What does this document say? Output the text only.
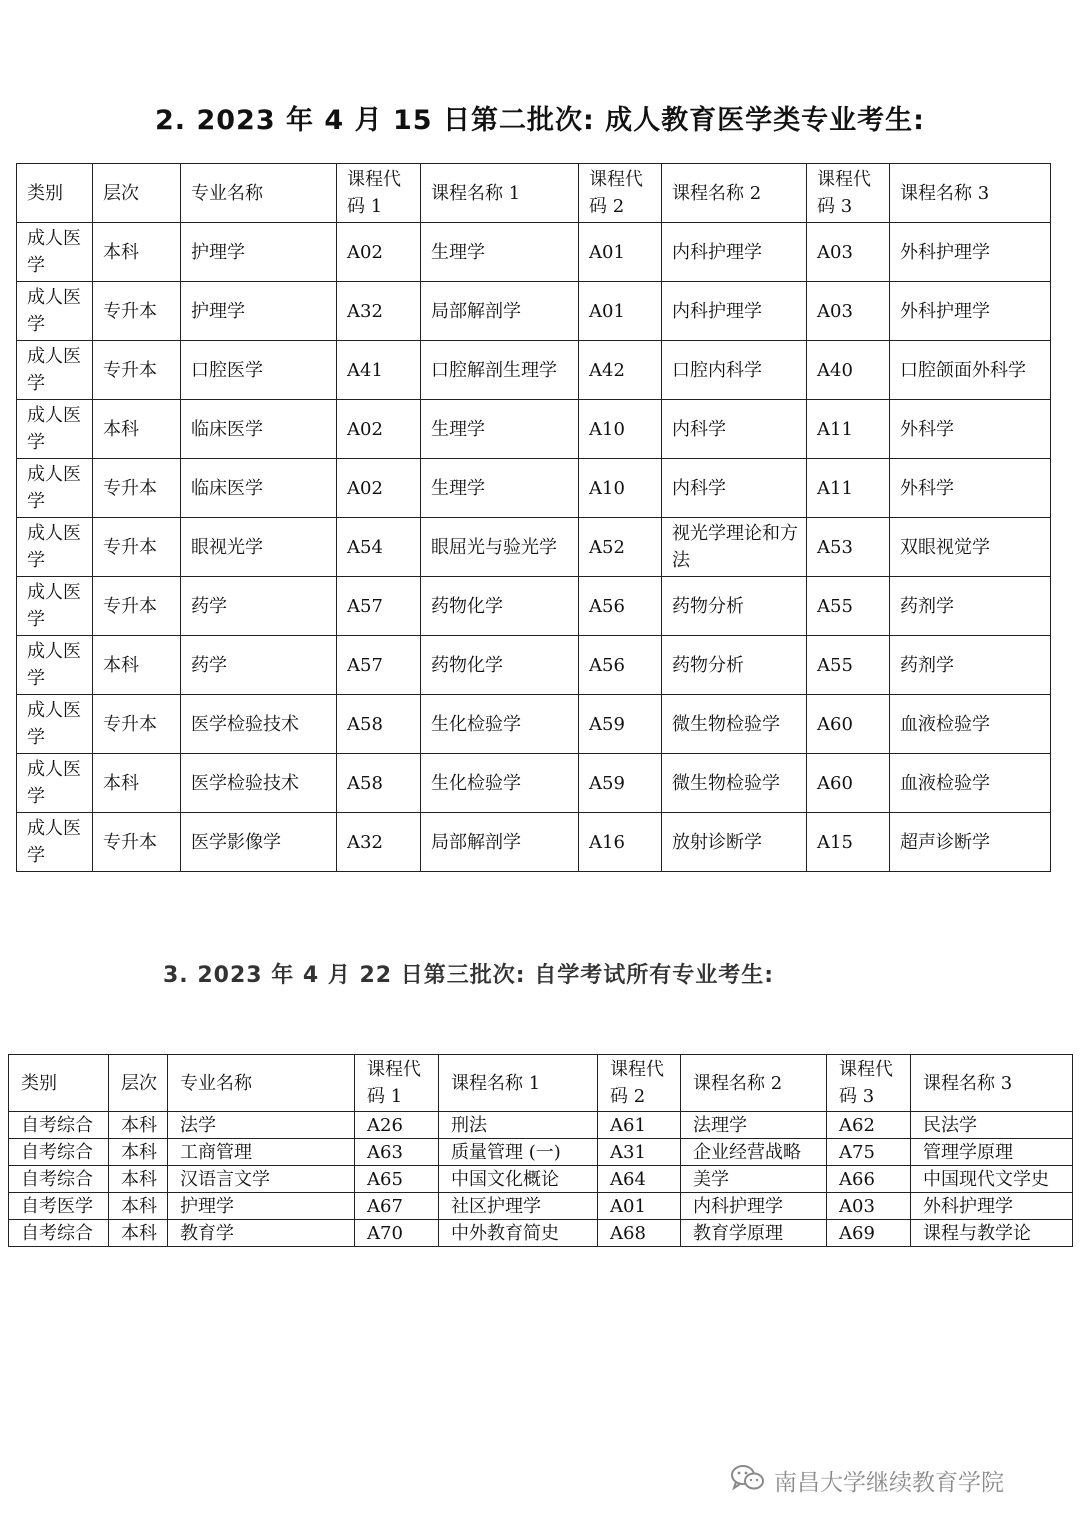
2. 2023 年 4 月 15 日第二批次: 成人教育医学类专业考生:
类别	层次	专业名称	课程代码 1	课程名称 1	课程代码 2	课程名称 2	课程代码 3	课程名称 3
成人医学	本科	护理学	A02	生理学	A01	内科护理学	A03	外科护理学
成人医学	专升本	护理学	A32	局部解剖学	A01	内科护理学	A03	外科护理学
成人医学	专升本	口腔医学	A41	口腔解剖生理学	A42	口腔内科学	A40	口腔颌面外科学
成人医学	本科	临床医学	A02	生理学	A10	内科学	A11	外科学
成人医学	专升本	临床医学	A02	生理学	A10	内科学	A11	外科学
成人医学	专升本	眼视光学	A54	眼屈光与验光学	A52	视光学理论和方法	A53	双眼视觉学
成人医学	专升本	药学	A57	药物化学	A56	药物分析	A55	药剂学
成人医学	本科	药学	A57	药物化学	A56	药物分析	A55	药剂学
成人医学	专升本	医学检验技术	A58	生化检验学	A59	微生物检验学	A60	血液检验学
成人医学	本科	医学检验技术	A58	生化检验学	A59	微生物检验学	A60	血液检验学
成人医学	专升本	医学影像学	A32	局部解剖学	A16	放射诊断学	A15	超声诊断学
3. 2023 年 4 月 22 日第三批次: 自学考试所有专业考生:
类别	层次	专业名称	课程代码 1	课程名称 1	课程代码 2	课程名称 2	课程代码 3	课程名称 3
自考综合	本科	法学	A26	刑法	A61	法理学	A62	民法学
自考综合	本科	工商管理	A63	质量管理 (一)	A31	企业经营战略	A75	管理学原理
自考综合	本科	汉语言文学	A65	中国文化概论	A64	美学	A66	中国现代文学史
自考医学	本科	护理学	A67	社区护理学	A01	内科护理学	A03	外科护理学
自考综合	本科	教育学	A70	中外教育简史	A68	教育学原理	A69	课程与教学论
南昌大学继续教育学院
